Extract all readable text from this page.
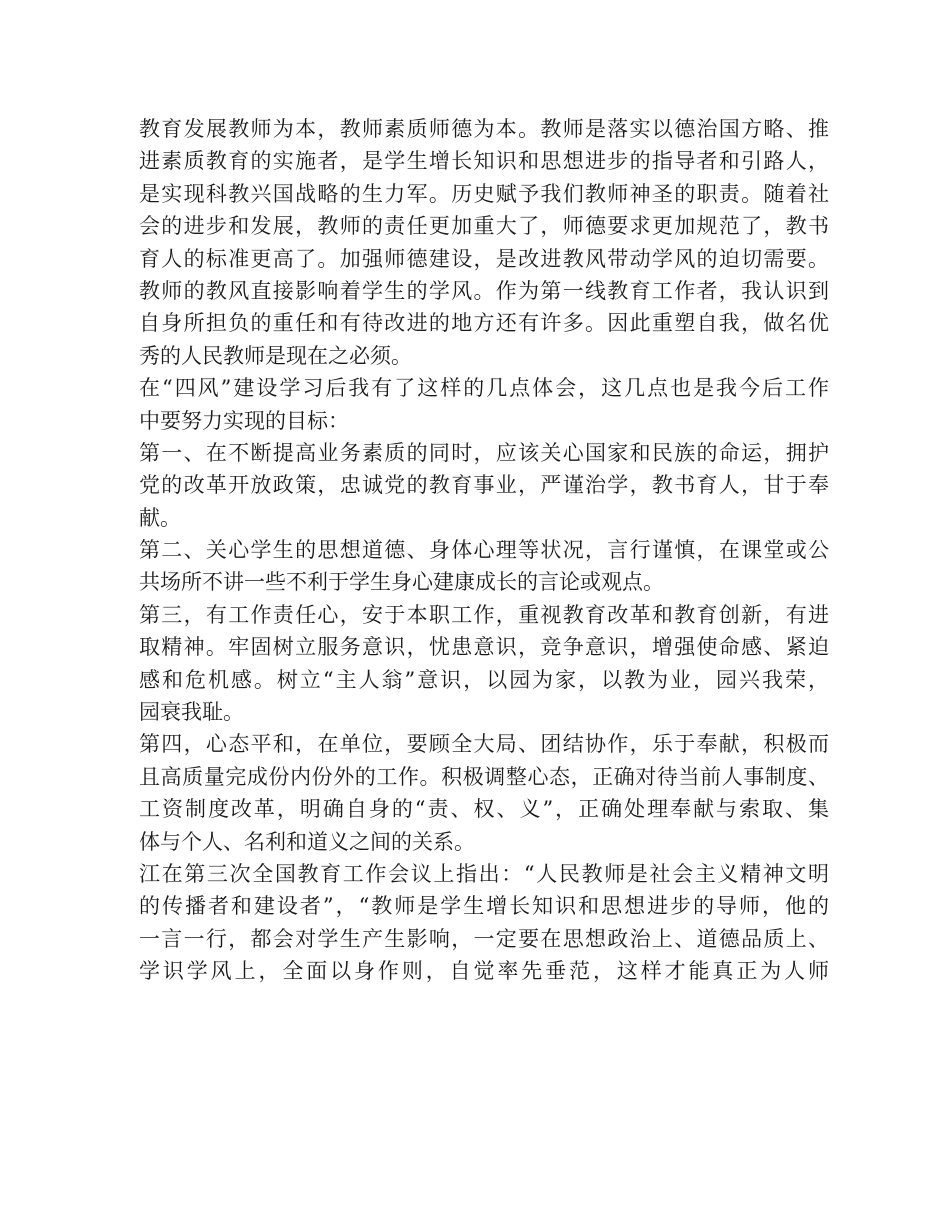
教育发展教师为本，教师素质师德为本。教师是落实以德治国方略、推

进素质教育的实施者，是学生增长知识和思想进步的指导者和引路人，

是实现科教兴国战略的生力军。历史赋予我们教师神圣的职责。随着社

会的进步和发展，教师的责任更加重大了，师德要求更加规范了，教书

育人的标准更高了。加强师德建设，是改进教风带动学风的迫切需要。

教师的教风直接影响着学生的学风。作为第一线教育工作者，我认识到

自身所担负的重任和有待改进的地方还有许多。因此重塑自我，做名优

秀的人民教师是现在之必须。

在“四风”建设学习后我有了这样的几点体会，这几点也是我今后工作

中要努力实现的目标：

第一、在不断提高业务素质的同时，应该关心国家和民族的命运，拥护

党的改革开放政策，忠诚党的教育事业，严谨治学，教书育人，甘于奉

献。

第二、关心学生的思想道德、身体心理等状况，言行谨慎，在课堂或公

共场所不讲一些不利于学生身心建康成长的言论或观点。

第三，有工作责任心，安于本职工作，重视教育改革和教育创新，有进

取精神。牢固树立服务意识，忧患意识，竞争意识，增强使命感、紧迫

感和危机感。树立“主人翁”意识，以园为家，以教为业，园兴我荣，

园衰我耻。

第四，心态平和，在单位，要顾全大局、团结协作，乐于奉献，积极而

且高质量完成份内份外的工作。积极调整心态，正确对待当前人事制度、

工资制度改革，明确自身的“责、权、义”，正确处理奉献与索取、集

体与个人、名利和道义之间的关系。

江在第三次全国教育工作会议上指出：“人民教师是社会主义精神文明

的传播者和建设者”，“教师是学生增长知识和思想进步的导师，他的

一言一行，都会对学生产生影响，一定要在思想政治上、道德品质上、

学识学风上，全面以身作则，自觉率先垂范，这样才能真正为人师
